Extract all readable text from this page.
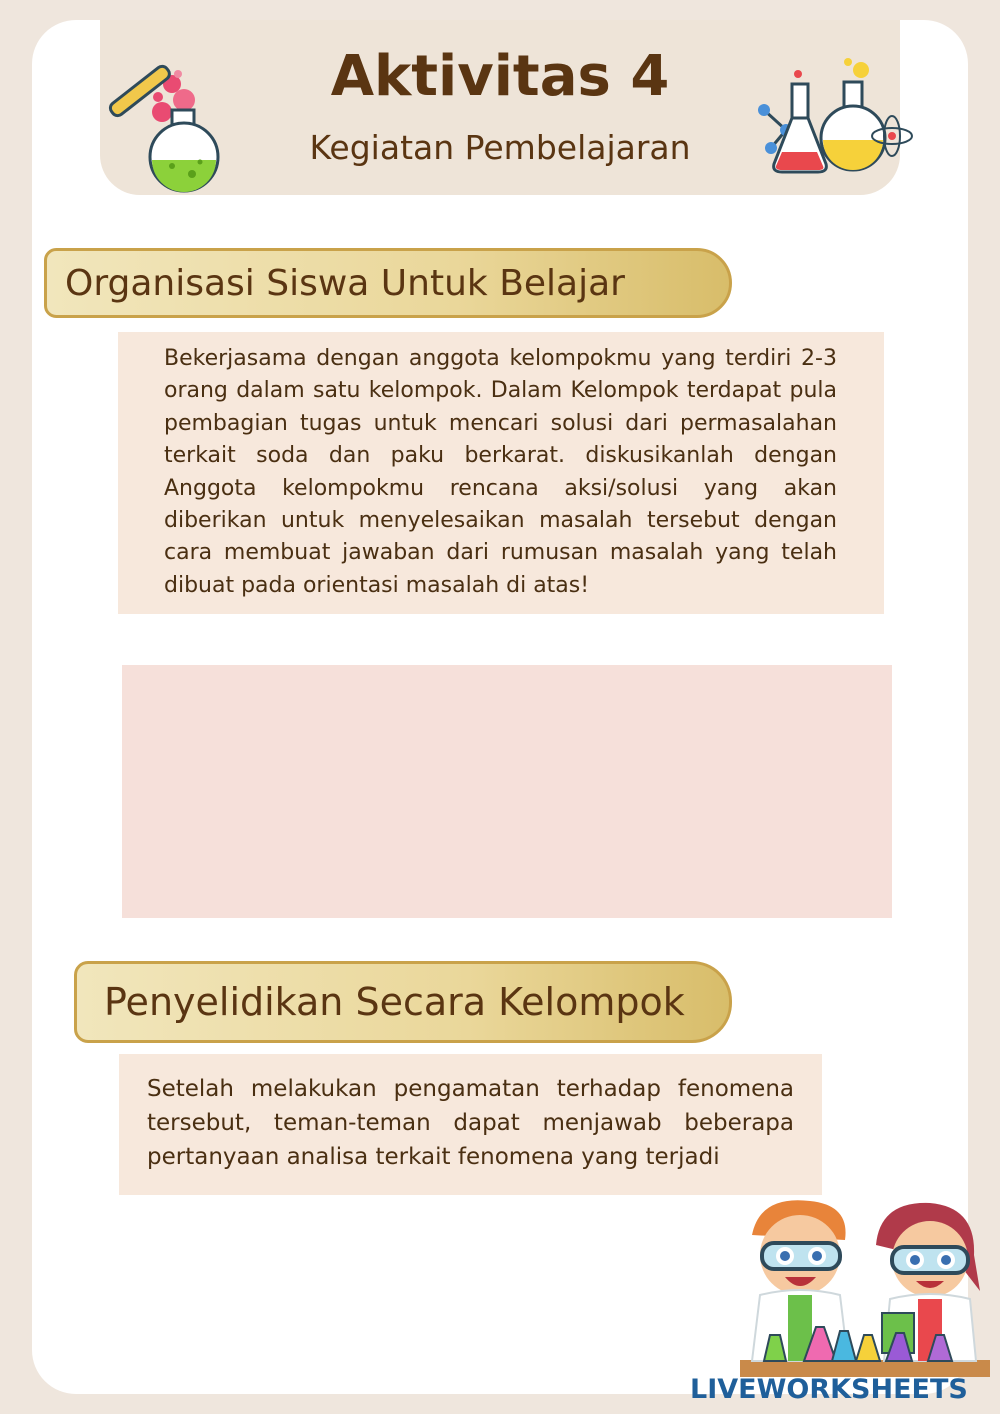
Aktivitas 4
Kegiatan Pembelajaran
Organisasi Siswa Untuk Belajar
Bekerjasama dengan anggota kelompokmu yang terdiri 2-3 orang dalam satu kelompok. Dalam Kelompok terdapat pula pembagian tugas untuk mencari solusi dari permasalahan terkait soda dan paku berkarat. diskusikanlah dengan Anggota kelompokmu rencana aksi/solusi yang akan diberikan untuk menyelesaikan masalah tersebut dengan cara membuat jawaban dari rumusan masalah yang telah dibuat pada orientasi masalah di atas!
Penyelidikan Secara Kelompok
Setelah melakukan pengamatan terhadap fenomena tersebut, teman-teman dapat menjawab beberapa pertanyaan analisa terkait fenomena yang terjadi
LIVEWORKSHEETS
